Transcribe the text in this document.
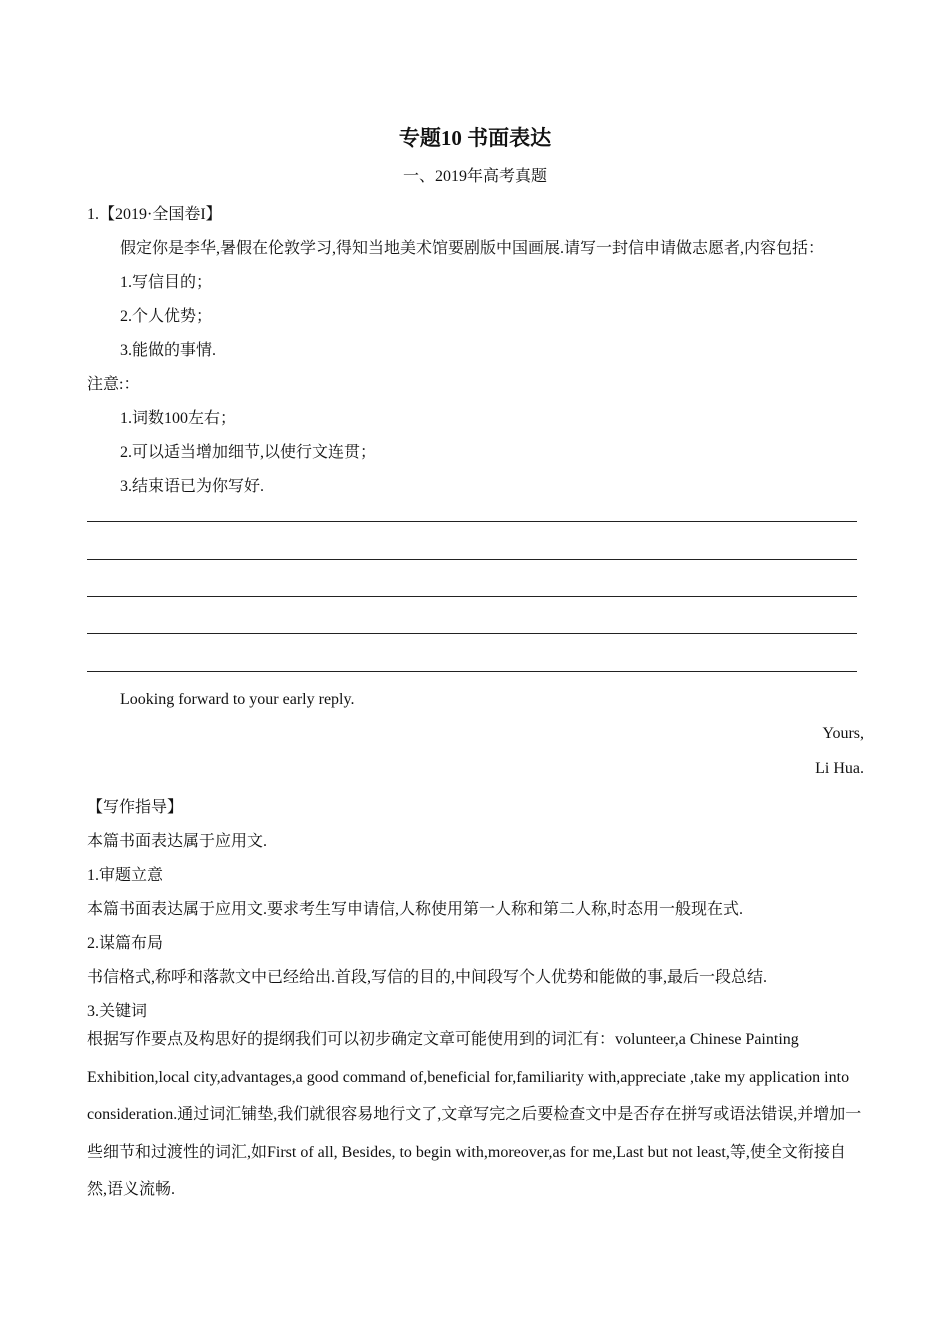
专题10 书面表达
一、2019年高考真题
1.【2019·全国卷I】
假定你是李华,暑假在伦敦学习,得知当地美术馆要剧版中国画展.请写一封信申请做志愿者,内容包括：
1.写信目的；
2.个人优势；
3.能做的事情.
注意:：
1.词数100左右；
2.可以适当增加细节,以使行文连贯；
3.结束语已为你写好.
Looking forward to your early reply.
Yours,
Li Hua.
【写作指导】
本篇书面表达属于应用文.
1.审题立意
本篇书面表达属于应用文.要求考生写申请信,人称使用第一人称和第二人称,时态用一般现在式.
2.谋篇布局
书信格式,称呼和落款文中已经给出.首段,写信的目的,中间段写个人优势和能做的事,最后一段总结.
3.关键词
根据写作要点及构思好的提纲我们可以初步确定文章可能使用到的词汇有：volunteer,a Chinese Painting Exhibition,local city,advantages,a good command of,beneficial for,familiarity with,appreciate ,take my application into consideration.通过词汇铺垫,我们就很容易地行文了,文章写完之后要检查文中是否存在拼写或语法错误,并增加一些细节和过渡性的词汇,如First of all, Besides, to begin with,moreover,as for me,Last but not least,等,使全文衔接自然,语义流畅.
